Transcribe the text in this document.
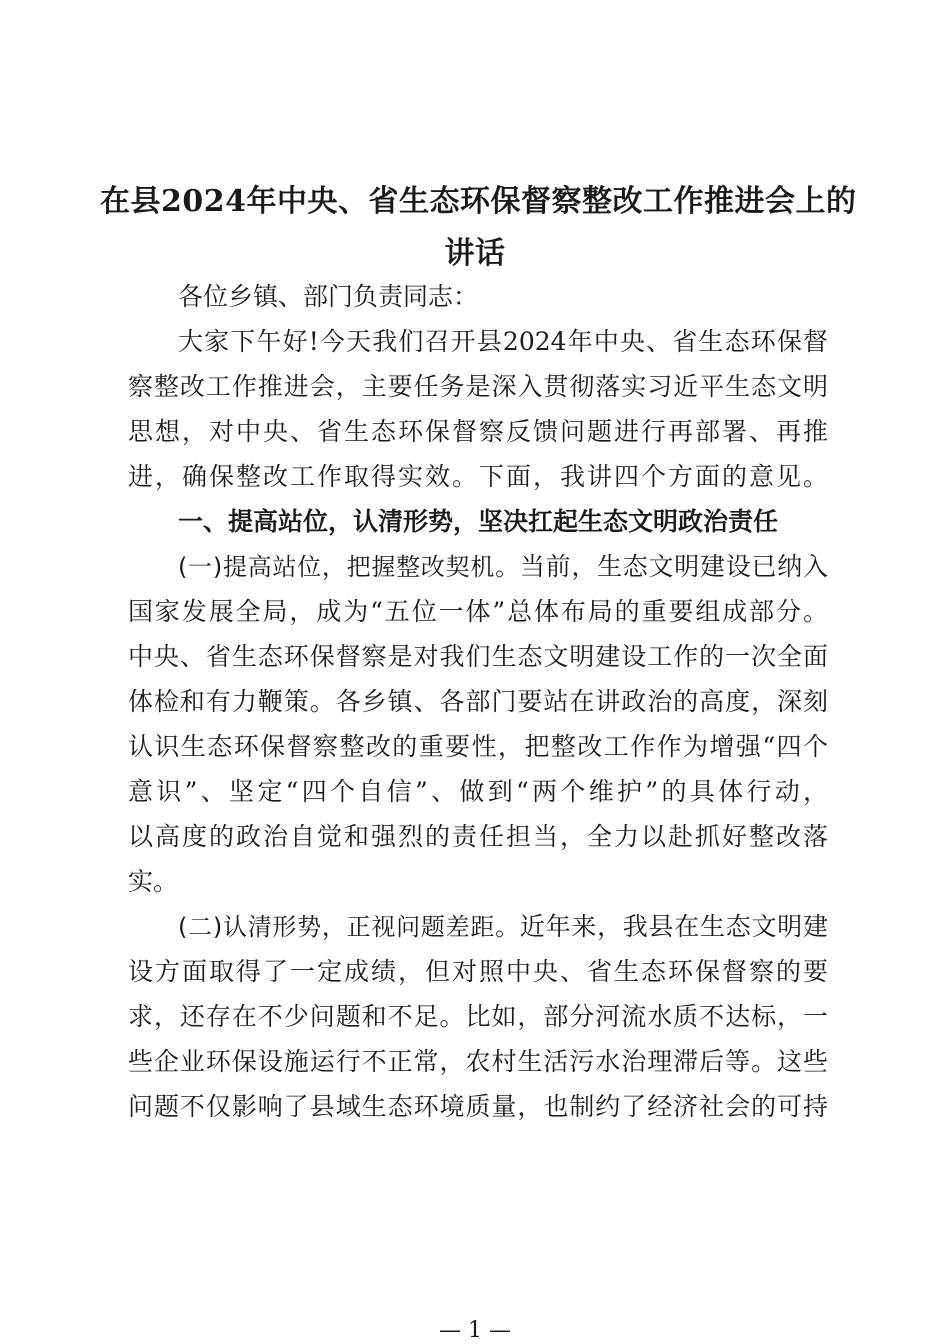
在县2024年中央、省生态环保督察整改工作推进会上的
讲话

各位乡镇、部门负责同志：

大家下午好!今天我们召开县2024年中央、省生态环保督

察整改工作推进会，主要任务是深入贯彻落实习近平生态文明

思想，对中央、省生态环保督察反馈问题进行再部署、再推

进，确保整改工作取得实效。下面，我讲四个方面的意见。

一、提高站位，认清形势，坚决扛起生态文明政治责任

(一)提高站位，把握整改契机。当前，生态文明建设已纳入

国家发展全局，成为“五位一体”总体布局的重要组成部分。

中央、省生态环保督察是对我们生态文明建设工作的一次全面

体检和有力鞭策。各乡镇、各部门要站在讲政治的高度，深刻

认识生态环保督察整改的重要性，把整改工作作为增强“四个

意识”、坚定“四个自信”、做到“两个维护”的具体行动，

以高度的政治自觉和强烈的责任担当，全力以赴抓好整改落

实。

(二)认清形势，正视问题差距。近年来，我县在生态文明建

设方面取得了一定成绩，但对照中央、省生态环保督察的要

求，还存在不少问题和不足。比如，部分河流水质不达标，一

些企业环保设施运行不正常，农村生活污水治理滞后等。这些

问题不仅影响了县域生态环境质量，也制约了经济社会的可持

— 1 —
